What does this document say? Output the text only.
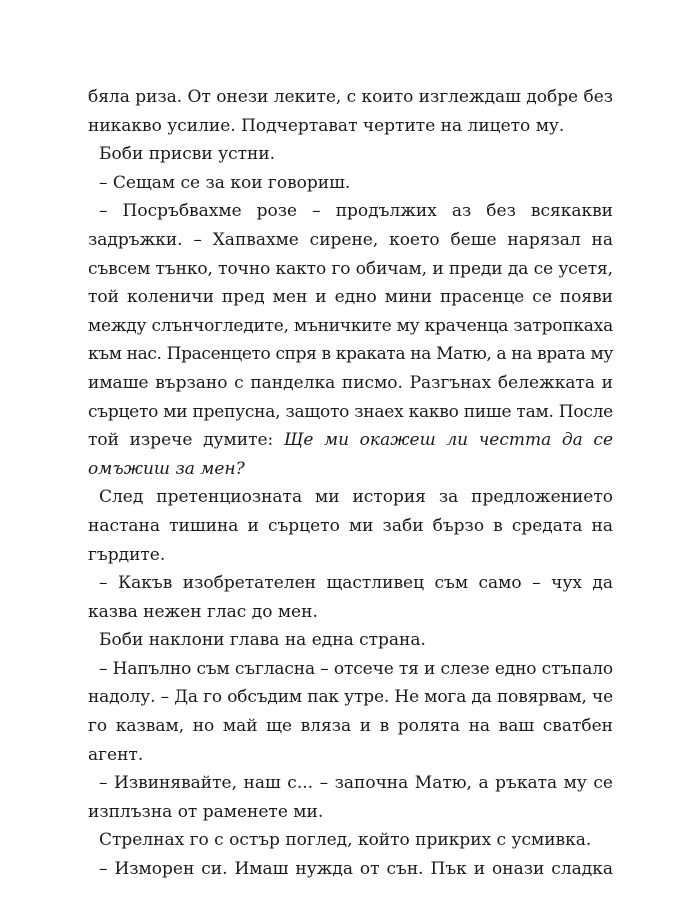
бяла риза. От онези леките, с които изглеждаш добре без
никакво усилие. Подчертават чертите на лицето му.
Боби присви устни.
– Сещам се за кои говориш.
– Посръбвахме розе – продължих аз без всякакви
задръжки. – Хапвахме сирене, което беше нарязал на
съвсем тънко, точно както го обичам, и преди да се усетя,
той коленичи пред мен и едно мини прасенце се появи
между слънчогледите, мъничките му краченца затропкаха
към нас. Прасенцето спря в краката на Матю, а на врата му
имаше вързано с панделка писмо. Разгънах бележката и
сърцето ми препусна, защото знаех какво пише там. После
той изрече думите: Ще ми окажеш ли честта да се
омъжиш за мен?
След претенциозната ми история за предложението
настана тишина и сърцето ми заби бързо в средата на
гърдите.
– Какъв изобретателен щастливец съм само – чух да
казва нежен глас до мен.
Боби наклони глава на една страна.
– Напълно съм съгласна – отсече тя и слезе едно стъпало
надолу. – Да го обсъдим пак утре. Не мога да повярвам, че
го казвам, но май ще вляза и в ролята на ваш сватбен
агент.
– Извинявайте, наш с... – започна Матю, а ръката му се
изплъзна от раменете ми.
Стрелнах го с остър поглед, който прикрих с усмивка.
– Изморен си. Имаш нужда от сън. Пък и онази сладка
